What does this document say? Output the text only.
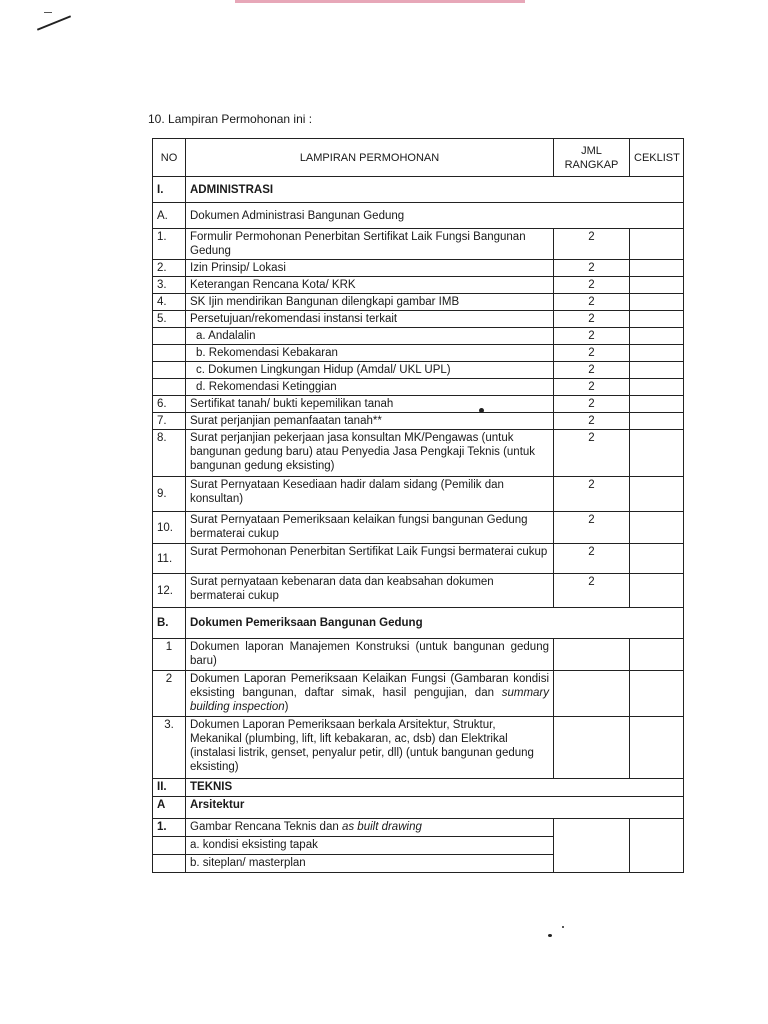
10. Lampiran Permohonan ini :
NO	LAMPIRAN PERMOHONAN	JML RANGKAP	CEKLIST
I.	ADMINISTRASI		
A.	Dokumen Administrasi Bangunan Gedung		
1.	Formulir Permohonan Penerbitan Sertifikat Laik Fungsi Bangunan Gedung	2	
2.	Izin Prinsip/ Lokasi	2	
3.	Keterangan Rencana Kota/ KRK	2	
4.	SK Ijin mendirikan Bangunan dilengkapi gambar IMB	2	
5.	Persetujuan/rekomendasi instansi terkait	2	
	a. Andalalin	2	
	b. Rekomendasi Kebakaran	2	
	c. Dokumen Lingkungan Hidup (Amdal/ UKL UPL)	2	
	d. Rekomendasi Ketinggian	2	
6.	Sertifikat tanah/ bukti kepemilikan tanah	2	
7.	Surat perjanjian pemanfaatan tanah**	2	
8.	Surat perjanjian pekerjaan jasa konsultan MK/Pengawas (untuk bangunan gedung baru) atau Penyedia Jasa Pengkaji Teknis (untuk bangunan gedung eksisting)	2	
9.	Surat Pernyataan Kesediaan hadir dalam sidang (Pemilik dan konsultan)	2	
10.	Surat Pernyataan Pemeriksaan kelaikan fungsi bangunan Gedung bermaterai cukup	2	
11.	Surat Permohonan Penerbitan Sertifikat Laik Fungsi bermaterai cukup	2	
12.	Surat pernyataan kebenaran data dan keabsahan dokumen bermaterai cukup	2	
B.	Dokumen Pemeriksaan Bangunan Gedung		
1	Dokumen laporan Manajemen Konstruksi (untuk bangunan gedung baru)		
2	Dokumen Laporan Pemeriksaan Kelaikan Fungsi (Gambaran kondisi eksisting bangunan, daftar simak, hasil pengujian, dan summary building inspection)		
3.	Dokumen Laporan Pemeriksaan berkala Arsitektur, Struktur, Mekanikal (plumbing, lift, lift kebakaran, ac, dsb) dan Elektrikal (instalasi listrik, genset, penyalur petir, dll) (untuk bangunan gedung eksisting)		
II.	TEKNIS		
A	Arsitektur		
1.	Gambar Rencana Teknis dan as built drawing		
	a. kondisi eksisting tapak		
	b. siteplan/ masterplan		
